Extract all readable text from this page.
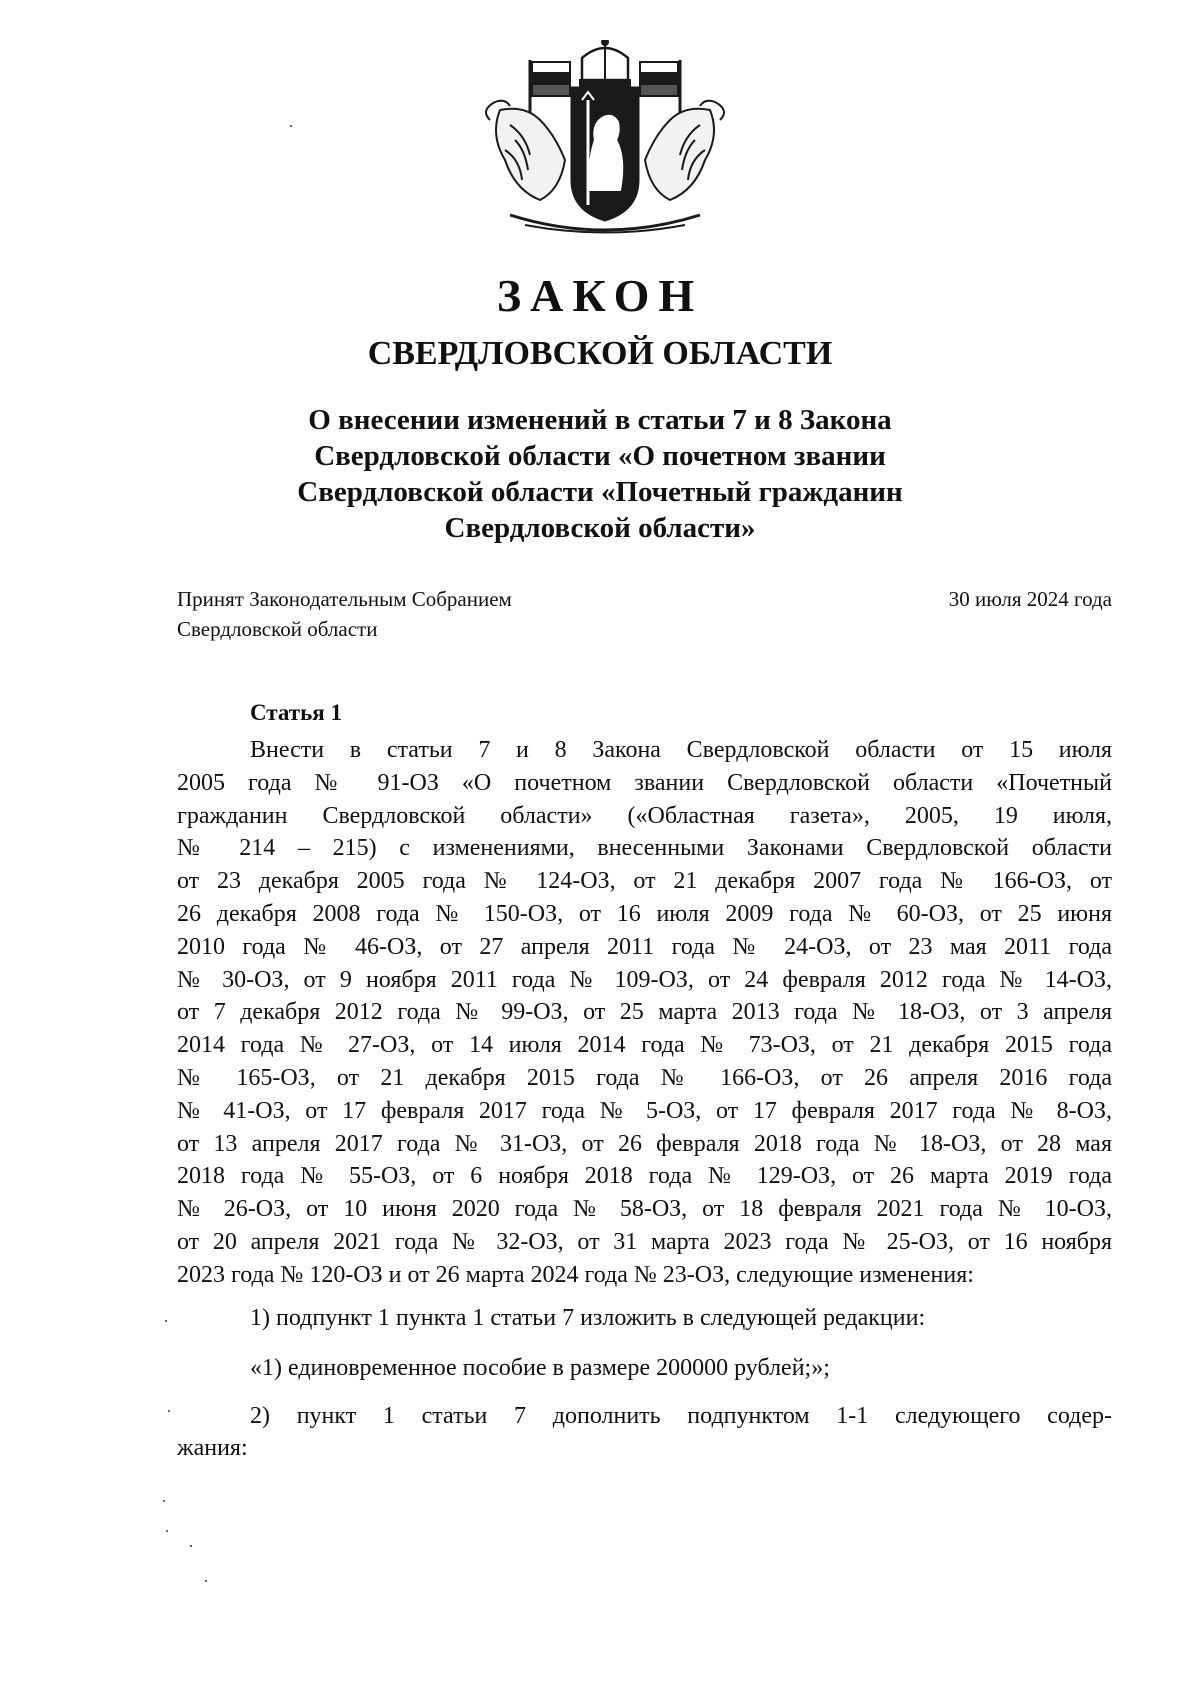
ЗАКОН
СВЕРДЛОВСКОЙ ОБЛАСТИ
О внесении изменений в статьи 7 и 8 Закона
Свердловской области «О почетном звании
Свердловской области «Почетный гражданин
Свердловской области»
Принят Законодательным Собранием
Свердловской области
30 июля 2024 года
Статья 1
Внести в статьи 7 и 8 Закона Свердловской области от 15 июля
2005 года № 91-ОЗ «О почетном звании Свердловской области «Почетный
гражданин Свердловской области» («Областная газета», 2005, 19 июля,
№ 214 – 215) с изменениями, внесенными Законами Свердловской области
от 23 декабря 2005 года № 124-ОЗ, от 21 декабря 2007 года № 166-ОЗ, от
26 декабря 2008 года № 150-ОЗ, от 16 июля 2009 года № 60-ОЗ, от 25 июня
2010 года № 46-ОЗ, от 27 апреля 2011 года № 24-ОЗ, от 23 мая 2011 года
№ 30-ОЗ, от 9 ноября 2011 года № 109-ОЗ, от 24 февраля 2012 года № 14-ОЗ,
от 7 декабря 2012 года № 99-ОЗ, от 25 марта 2013 года № 18-ОЗ, от 3 апреля
2014 года № 27-ОЗ, от 14 июля 2014 года № 73-ОЗ, от 21 декабря 2015 года
№ 165-ОЗ, от 21 декабря 2015 года № 166-ОЗ, от 26 апреля 2016 года
№ 41-ОЗ, от 17 февраля 2017 года № 5-ОЗ, от 17 февраля 2017 года № 8-ОЗ,
от 13 апреля 2017 года № 31-ОЗ, от 26 февраля 2018 года № 18-ОЗ, от 28 мая
2018 года № 55-ОЗ, от 6 ноября 2018 года № 129-ОЗ, от 26 марта 2019 года
№ 26-ОЗ, от 10 июня 2020 года № 58-ОЗ, от 18 февраля 2021 года № 10-ОЗ,
от 20 апреля 2021 года № 32-ОЗ, от 31 марта 2023 года № 25-ОЗ, от 16 ноября
2023 года № 120-ОЗ и от 26 марта 2024 года № 23-ОЗ, следующие изменения:
1) подпункт 1 пункта 1 статьи 7 изложить в следующей редакции:
«1) единовременное пособие в размере 200000 рублей;»;
2) пункт 1 статьи 7 дополнить подпунктом 1-1 следующего содер-
жания:
